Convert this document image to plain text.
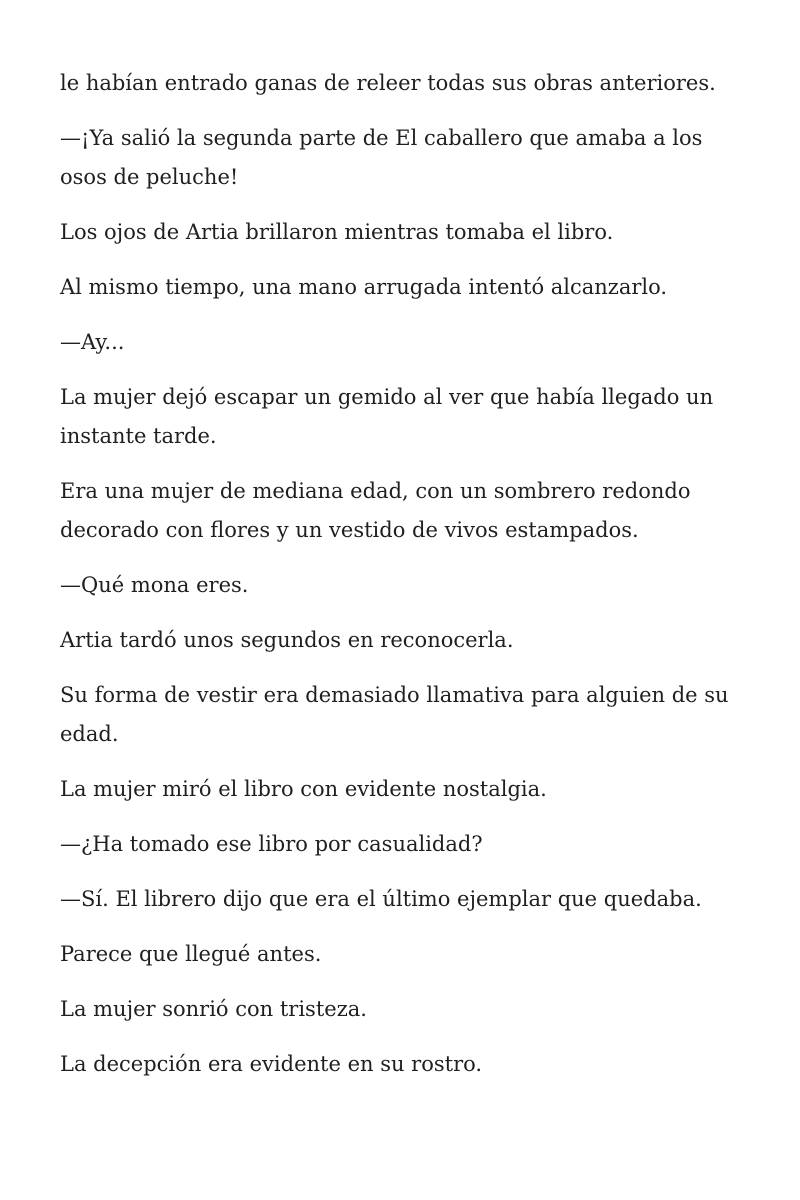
le habían entrado ganas de releer todas sus obras anteriores.

—¡Ya salió la segunda parte de El caballero que amaba a los osos de peluche!

Los ojos de Artia brillaron mientras tomaba el libro.

Al mismo tiempo, una mano arrugada intentó alcanzarlo.

—Ay...

La mujer dejó escapar un gemido al ver que había llegado un instante tarde.

Era una mujer de mediana edad, con un sombrero redondo decorado con flores y un vestido de vivos estampados.

—Qué mona eres.

Artia tardó unos segundos en reconocerla.

Su forma de vestir era demasiado llamativa para alguien de su edad.

La mujer miró el libro con evidente nostalgia.

—¿Ha tomado ese libro por casualidad?

—Sí. El librero dijo que era el último ejemplar que quedaba.

Parece que llegué antes.

La mujer sonrió con tristeza.

La decepción era evidente en su rostro.
